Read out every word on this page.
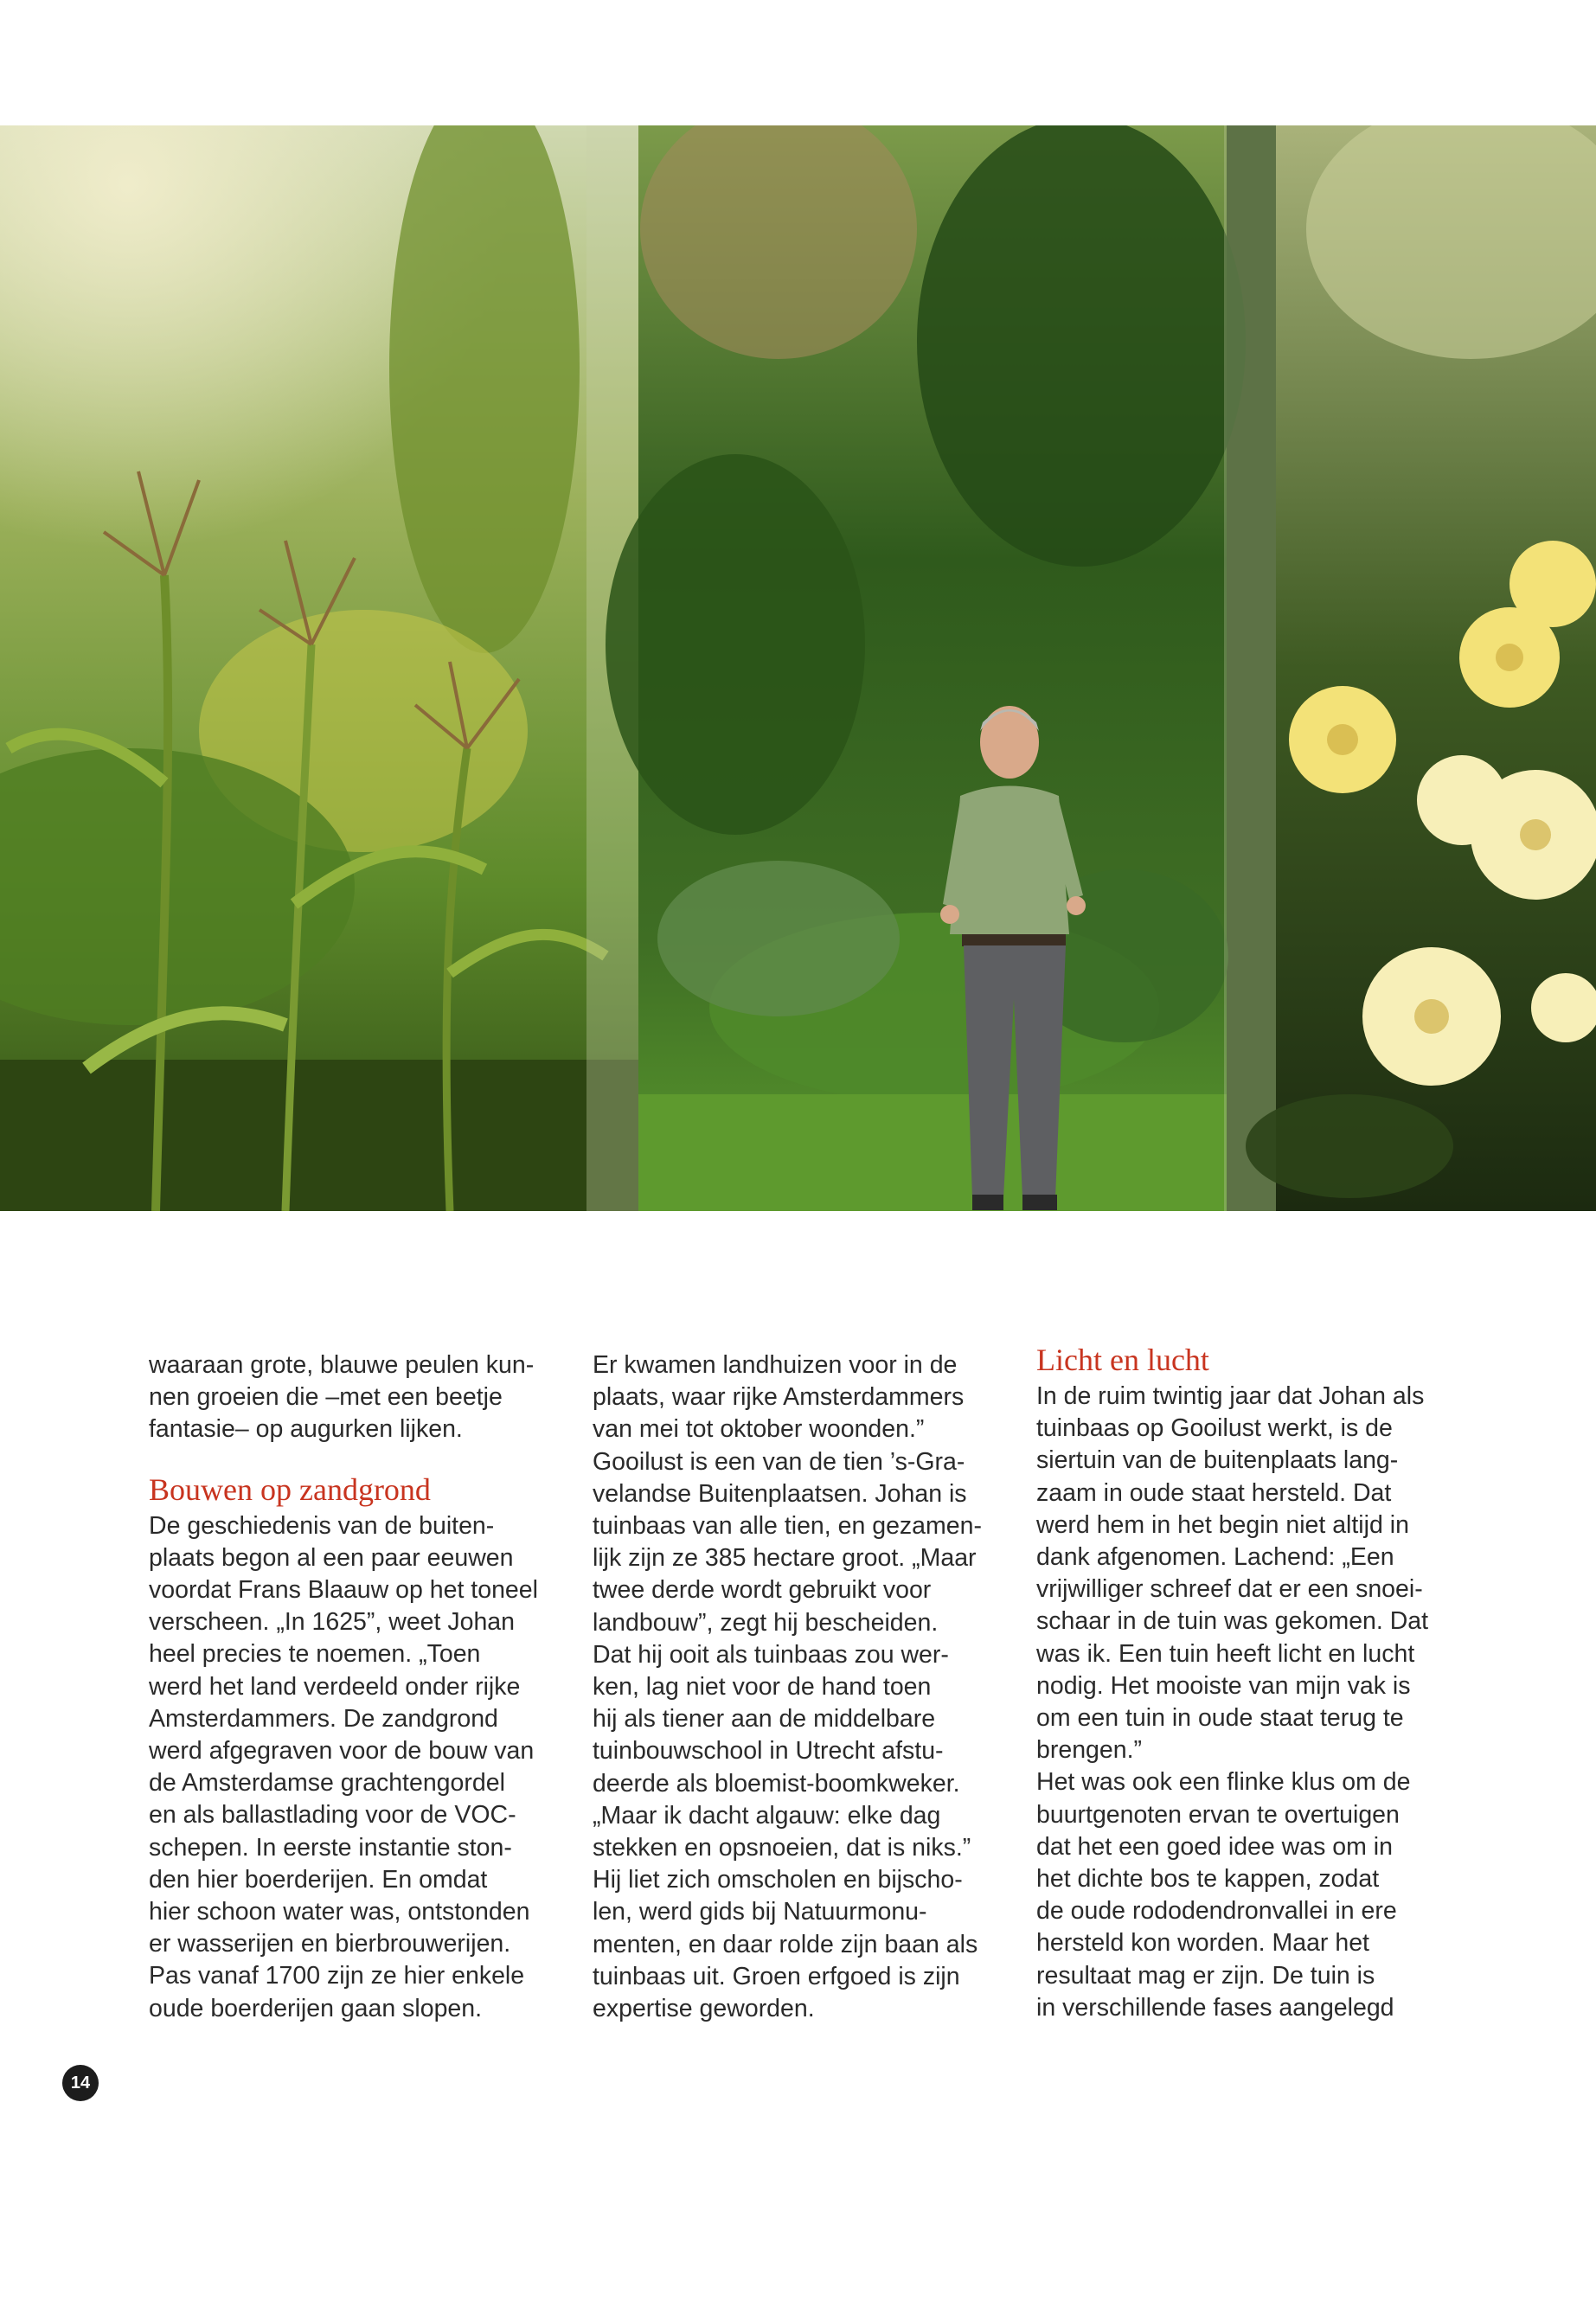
waaraan grote, blauwe peulen kun-
nen groeien die –met een beetje
fantasie– op augurken lijken.

Bouwen op zandgrond

De geschiedenis van de buiten-
plaats begon al een paar eeuwen
voordat Frans Blaauw op het toneel
verscheen. „In 1625”, weet Johan
heel precies te noemen. „Toen
werd het land verdeeld onder rijke
Amsterdammers. De zandgrond
werd afgegraven voor de bouw van
de Amsterdamse grachtengordel
en als ballastlading voor de VOC-
schepen. In eerste instantie ston-
den hier boerderijen. En omdat
hier schoon water was, ontstonden
er wasserijen en bierbrouwerijen.
Pas vanaf 1700 zijn ze hier enkele
oude boerderijen gaan slopen.

Er kwamen landhuizen voor in de
plaats, waar rijke Amsterdammers
van mei tot oktober woonden.”
Gooilust is een van de tien ’s-Gra-
velandse Buitenplaatsen. Johan is
tuinbaas van alle tien, en gezamen-
lijk zijn ze 385 hectare groot. „Maar
twee derde wordt gebruikt voor
landbouw”, zegt hij bescheiden.
Dat hij ooit als tuinbaas zou wer-
ken, lag niet voor de hand toen
hij als tiener aan de middelbare
tuinbouwschool in Utrecht afstu-
deerde als bloemist-boomkweker.
„Maar ik dacht algauw: elke dag
stekken en opsnoeien, dat is niks.”
Hij liet zich omscholen en bijscho-
len, werd gids bij Natuurmonu-
menten, en daar rolde zijn baan als
tuinbaas uit. Groen erfgoed is zijn
expertise geworden.

Licht en lucht

In de ruim twintig jaar dat Johan als
tuinbaas op Gooilust werkt, is de
siertuin van de buitenplaats lang-
zaam in oude staat hersteld. Dat
werd hem in het begin niet altijd in
dank afgenomen. Lachend: „Een
vrijwilliger schreef dat er een snoei-
schaar in de tuin was gekomen. Dat
was ik. Een tuin heeft licht en lucht
nodig. Het mooiste van mijn vak is
om een tuin in oude staat terug te
brengen.”
Het was ook een flinke klus om de
buurtgenoten ervan te overtuigen
dat het een goed idee was om in
het dichte bos te kappen, zodat
de oude rododendronvallei in ere
hersteld kon worden. Maar het
resultaat mag er zijn. De tuin is
in verschillende fases aangelegd

14
